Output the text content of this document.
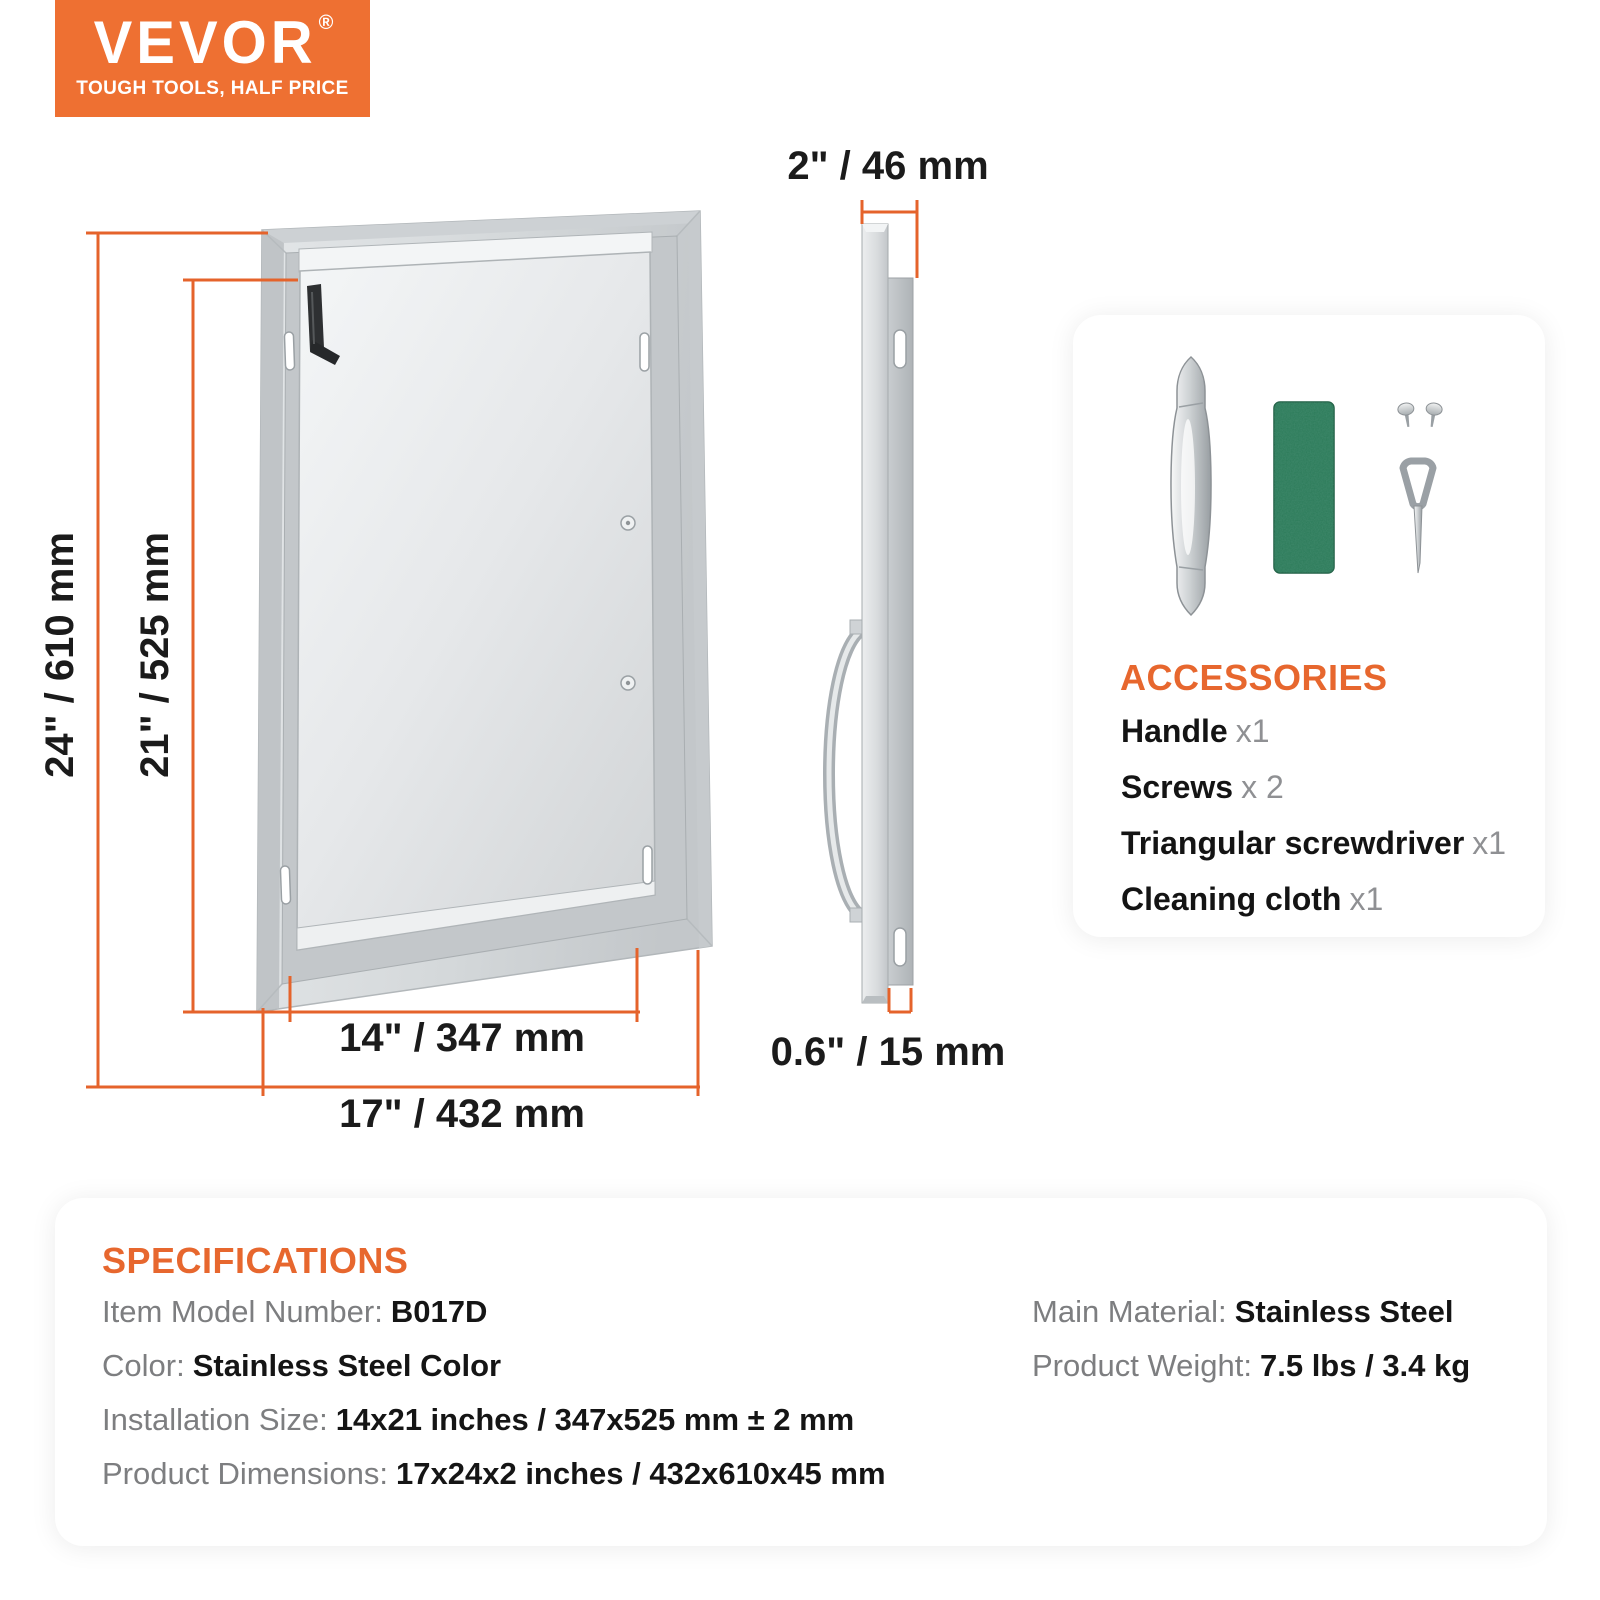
VEVOR ®
TOUGH TOOLS, HALF PRICE
24" / 610 mm 21" / 525 mm
2" / 46 mm
14" / 347 mm
17" / 432 mm
0.6" / 15 mm
ACCESSORIES
Handle x1
Screws x 2
Triangular screwdriver x1
Cleaning cloth x1
SPECIFICATIONS
Item Model Number: B017D
Color: Stainless Steel Color
Installation Size: 14x21 inches / 347x525 mm ± 2 mm
Product Dimensions: 17x24x2 inches / 432x610x45 mm
Main Material: Stainless Steel
Product Weight: 7.5 lbs / 3.4 kg
